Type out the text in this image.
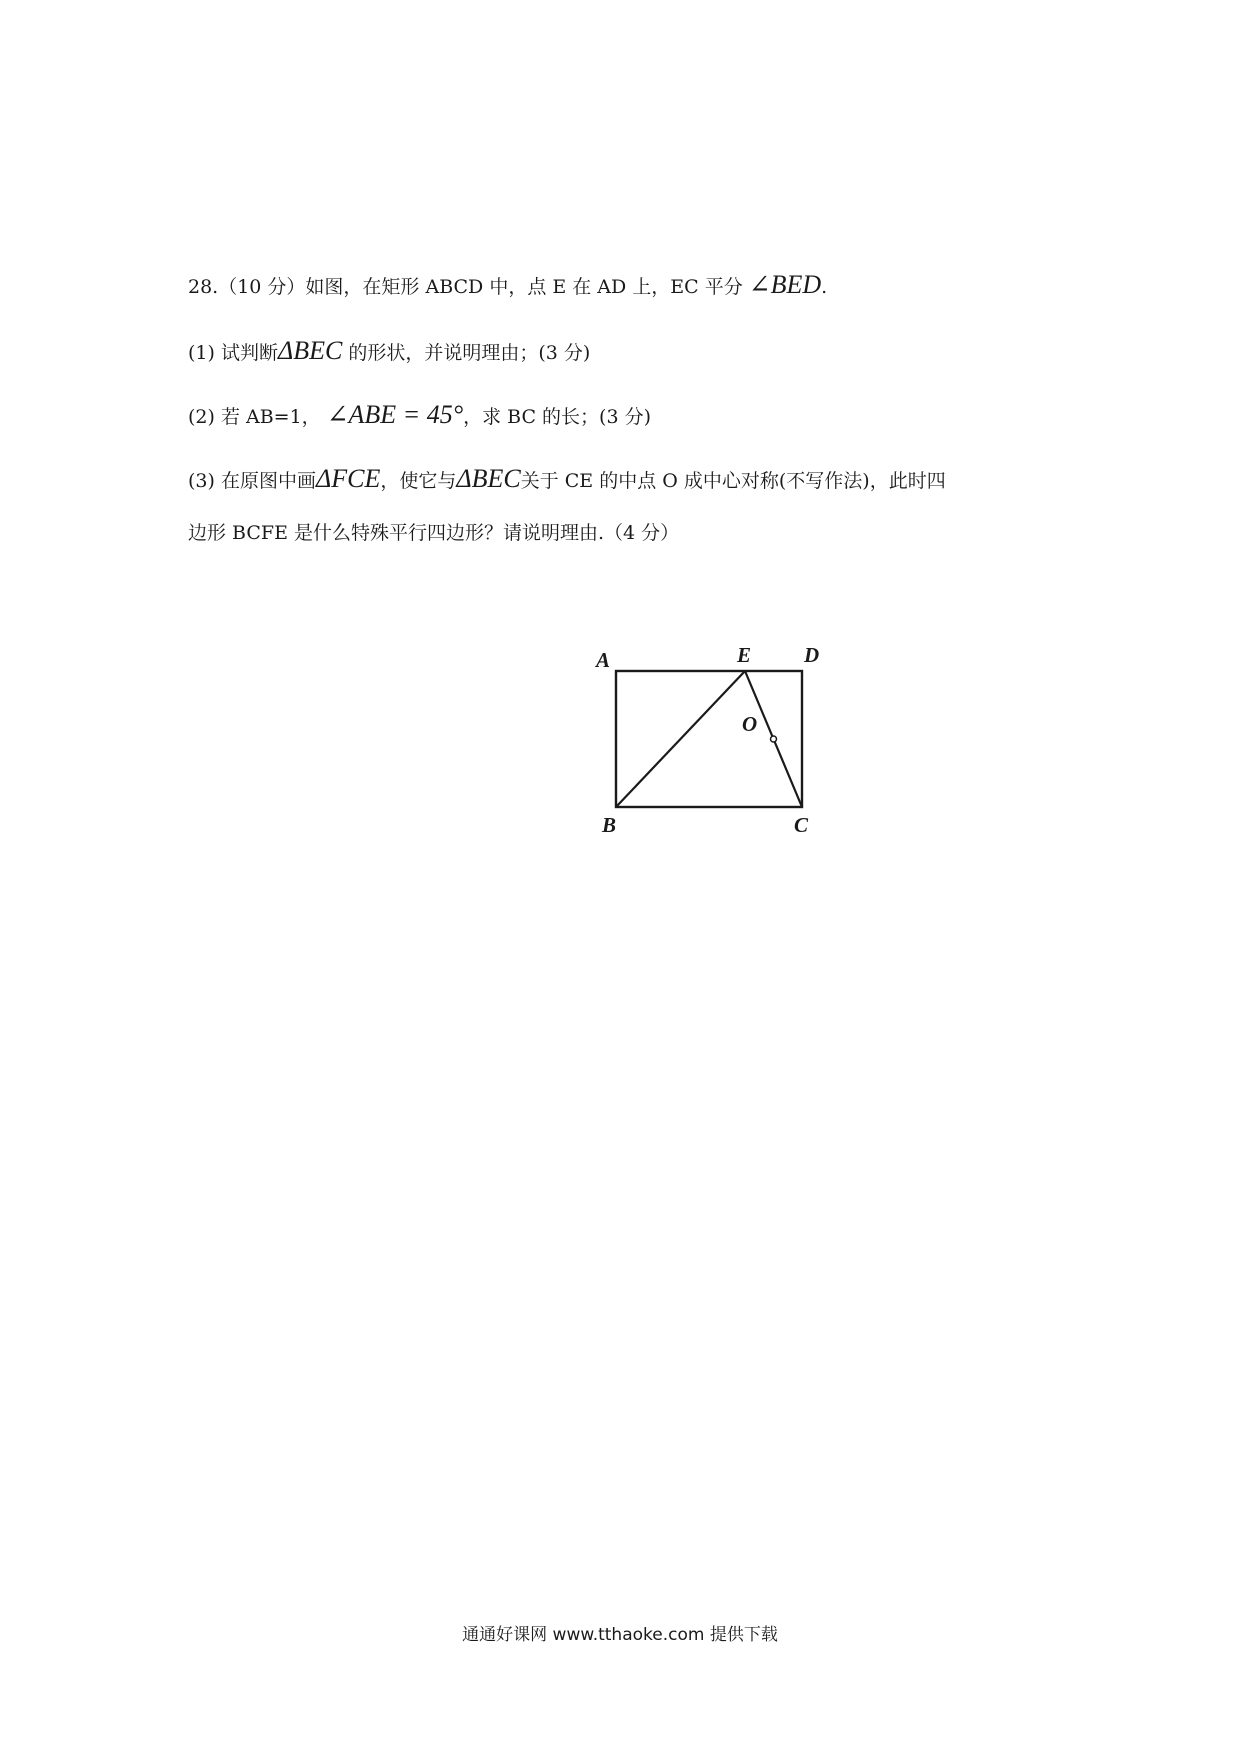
28.（10 分）如图，在矩形 ABCD 中，点 E 在 AD 上，EC 平分 ∠BED.
(1) 试判断ΔBEC 的形状，并说明理由；(3 分)
(2) 若 AB=1， ∠ABE = 45°，求 BC 的长；(3 分)
(3) 在原图中画ΔFCE，使它与ΔBEC关于 CE 的中点 O 成中心对称(不写作法)，此时四
边形 BCFE 是什么特殊平行四边形？请说明理由.（4 分）
A	E	D
O
B	C
通通好课网 www.tthaoke.com 提供下载
